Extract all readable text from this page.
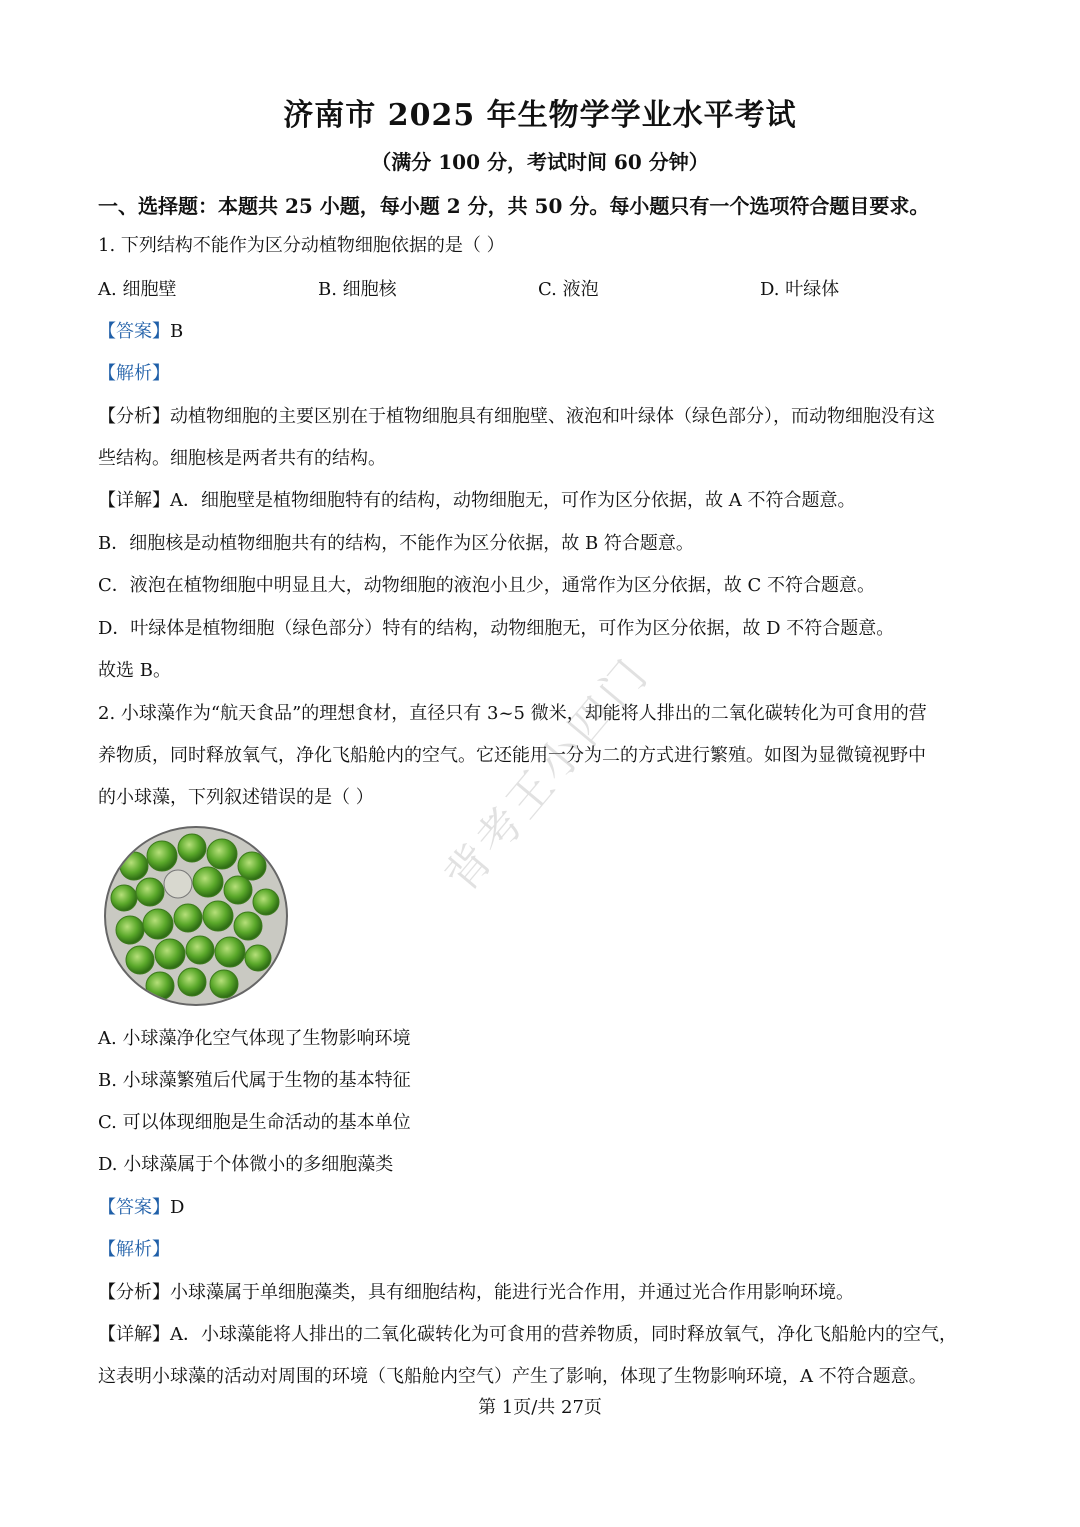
济南市 2025 年生物学学业水平考试
（满分 100 分，考试时间 60 分钟）
一、选择题：本题共 25 小题，每小题 2 分，共 50 分。每小题只有一个选项符合题目要求。
1. 下列结构不能作为区分动植物细胞依据的是（ ）
A. 细胞壁	B. 细胞核	C. 液泡	D. 叶绿体
【答案】B
【解析】
【分析】动植物细胞的主要区别在于植物细胞具有细胞壁、液泡和叶绿体（绿色部分），而动物细胞没有这
些结构。细胞核是两者共有的结构。
【详解】A．细胞壁是植物细胞特有的结构，动物细胞无，可作为区分依据，故 A 不符合题意。
B．细胞核是动植物细胞共有的结构，不能作为区分依据，故 B 符合题意。
C．液泡在植物细胞中明显且大，动物细胞的液泡小且少，通常作为区分依据，故 C 不符合题意。
D．叶绿体是植物细胞（绿色部分）特有的结构，动物细胞无，可作为区分依据，故 D 不符合题意。
故选 B。
2. 小球藻作为“航天食品”的理想食材，直径只有 3~5 微米，却能将人排出的二氧化碳转化为可食用的营
养物质，同时释放氧气，净化飞船舱内的空气。它还能用一分为二的方式进行繁殖。如图为显微镜视野中
的小球藻，下列叙述错误的是（ ）
A. 小球藻净化空气体现了生物影响环境
B. 小球藻繁殖后代属于生物的基本特征
C. 可以体现细胞是生命活动的基本单位
D. 小球藻属于个体微小的多细胞藻类
【答案】D
【解析】
【分析】小球藻属于单细胞藻类，具有细胞结构，能进行光合作用，并通过光合作用影响环境。
【详解】A．小球藻能将人排出的二氧化碳转化为可食用的营养物质，同时释放氧气，净化飞船舱内的空气，
这表明小球藻的活动对周围的环境（飞船舱内空气）产生了影响，体现了生物影响环境，A 不符合题意。
背考王小四门
第 1页/共 27页
